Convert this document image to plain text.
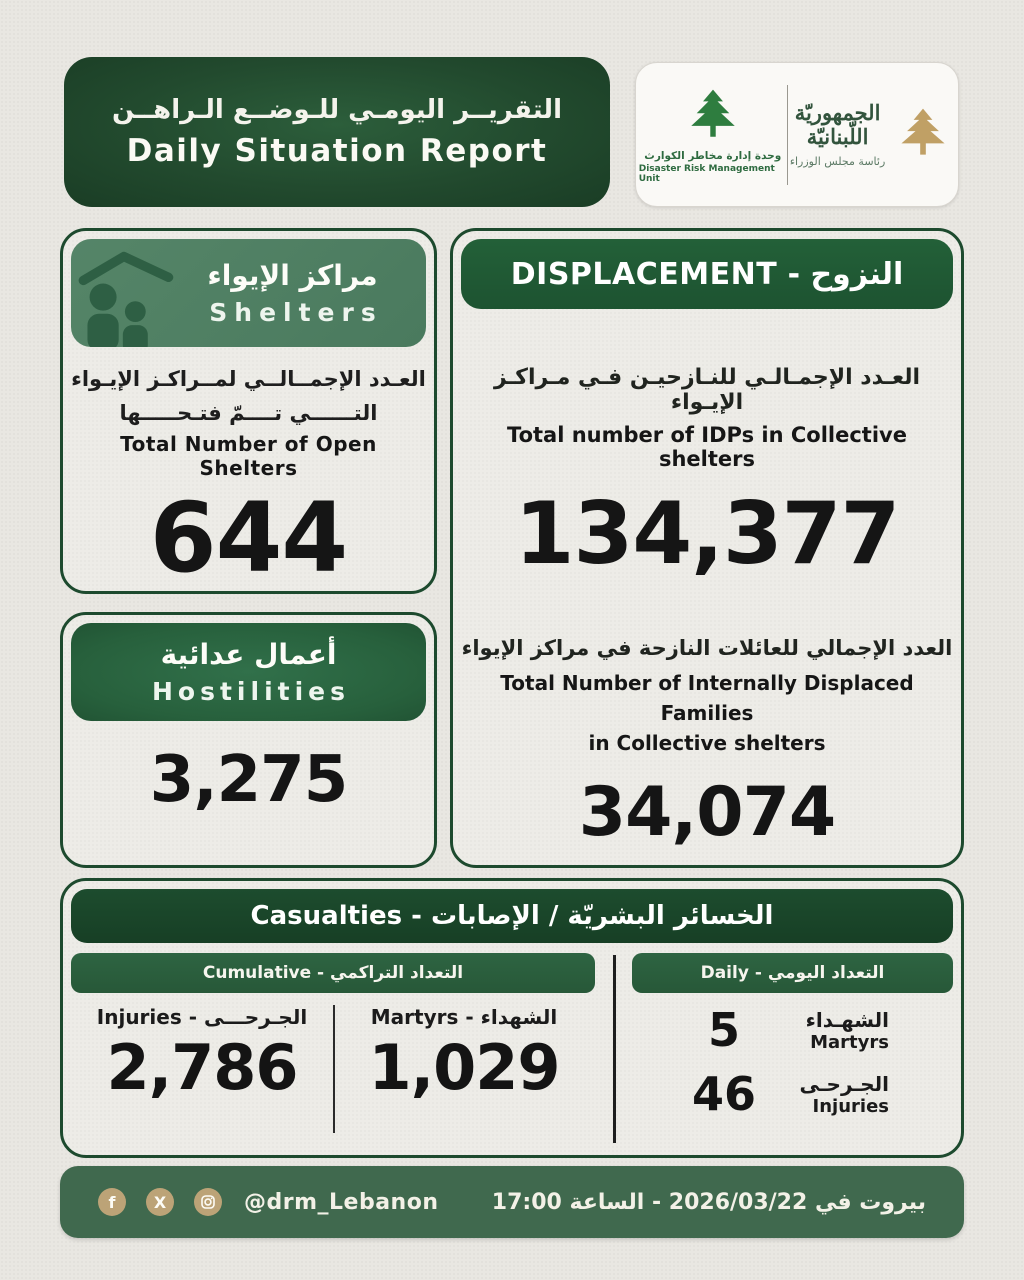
التقريــر اليومـي للـوضــع الـراهــن
Daily Situation Report	وحدة إدارة مخاطر الكوارث
Disaster Risk Management Unit
الجمهوريّة
اللّبنانيّة
رئاسة مجلس الوزراء
مراكز الإيواء
Shelters
العـدد الإجمــالــي لمــراكـز الإيـواء
التــــــي تــــمّ فتـحـــــها
Total Number of Open Shelters
644
أعمال عدائية
Hostilities
3,275
النزوح - DISPLACEMENT
العـدد الإجمـالـي للنـازحيـن فـي مـراكـز الإيـواء
Total number of IDPs in Collective shelters
134,377
العدد الإجمالي للعائلات النازحة في مراكز الإيواء
Total Number of Internally Displaced Families
in Collective shelters
34,074
الخسائر البشريّة / الإصابات - Casualties
التعداد التراكمي - Cumulative
الجـرحـــى - Injuries
2,786
الشهداء - Martyrs
1,029
التعداد اليومي - Daily
الشهـداء
Martyrs
5
الجـرحـى
Injuries
46
f	X	@drm_Lebanon بيروت في 2026/03/22 - الساعة 17:00
